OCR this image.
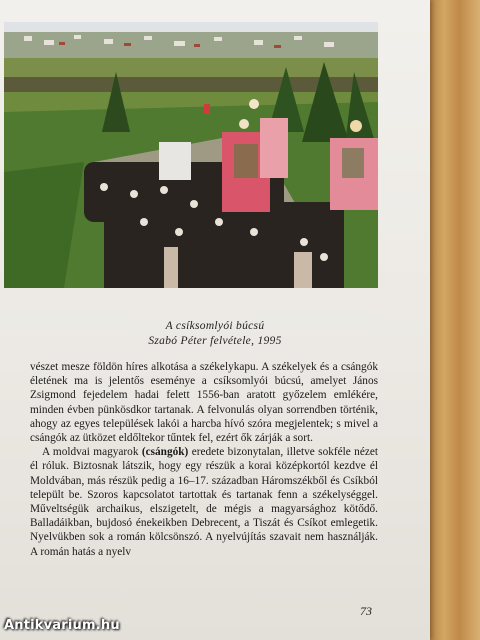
A csíksomlyói búcsú
Szabó Péter felvétele, 1995

vészet mesze földön híres alkotása a székelykapu. A székelyek és a csángók életének ma is jelentős eseménye a csíksomlyói búcsú, amelyet János Zsigmond fejedelem hadai felett 1556-ban aratott győzelem emlékére, minden évben pünkösdkor tartanak. A felvonulás olyan sorrendben történik, ahogy az egyes települések lakói a harcba hívó szóra megjelentek; s mivel a csángók az ütközet eldőltekor tűntek fel, ezért ők zárják a sort.

A moldvai magyarok (csángók) eredete bizonytalan, illetve sokféle nézet él róluk. Biztosnak látszik, hogy egy részük a korai középkortól kezdve él Moldvában, más részük pedig a 16–17. században Háromszékből és Csíkból települt be. Szoros kapcsolatot tartottak és tartanak fenn a székelységgel. Műveltségük archaikus, elszigetelt, de mégis a magyarsághoz kötődő. Balladáikban, bujdosó énekeikben Debrecent, a Tiszát és Csíkot emlegetik. Nyelvükben sok a román kölcsönszó. A nyelvújítás szavait nem használják. A román hatás a nyelv

73
Antikvarium.hu
